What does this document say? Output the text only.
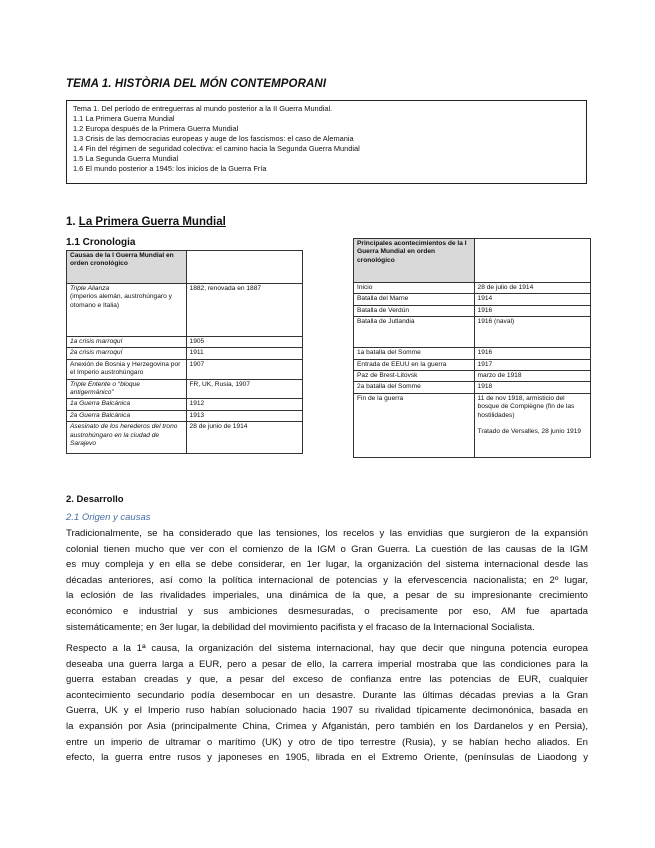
TEMA 1. HISTÒRIA DEL MÓN CONTEMPORANI
Tema 1. Del período de entreguerras al mundo posterior a la II Guerra Mundial.
1.1 La Primera Guerra Mundial
1.2 Europa después de la Primera Guerra Mundial
1.3 Crisis de las democracias europeas y auge de los fascismos: el caso de Alemania
1.4 Fin del régimen de seguridad colectiva: el camino hacia la Segunda Guerra Mundial
1.5 La Segunda Guerra Mundial
1.6 El mundo posterior a 1945: los inicios de la Guerra Fría
1. La Primera Guerra Mundial
1.1 Cronologia
Causas de la I Guerra Mundial en orden cronológico	
Triple Alianza
(imperios alemán, austrohúngaro y otomano e Italia)	1882, renovada en 1887
1a crisis marroquí	1905
2a crisis marroquí	1911
Anexión de Bosnia y Herzegovina por el Imperio austrohúngaro	1907
Triple Entente o “bloque antigermánico”	FR, UK, Rusia, 1907
1a Guerra Balcánica	1912
2a Guerra Balcánica	1913
Asesinato de los herederos del trono austrohúngaro en la ciudad de Sarajevo	28 de junio de 1914
Principales acontecimientos de la I Guerra Mundial en orden cronológico	
Inicio	28 de julio de 1914
Batalla del Marne	1914
Batalla de Verdún	1916
Batalla de Jutlandia	1916 (naval)
1a batalla del Somme	1916
Entrada de EEUU en la guerra	1917
Paz de Brest-Litovsk	marzo de 1918
2a batalla del Somme	1918
Fin de la guerra	11 de nov 1918, armisticio del bosque de Compiègne (fin de las hostilidades)

Tratado de Versalles, 28 junio 1919
2. Desarrollo
2.1 Origen y causas
Tradicionalmente, se ha considerado que las tensiones, los recelos y las envidias que surgieron de la expansión
colonial tienen mucho que ver con el comienzo de la IGM o Gran Guerra. La cuestión de las causas de la IGM
es muy compleja y en ella se debe considerar, en 1er lugar, la organización del sistema internacional desde las
décadas anteriores, así como la política internacional de potencias y la efervescencia nacionalista; en 2º lugar,
la eclosión de las rivalidades imperiales, una dinámica de la que, a pesar de su impresionante crecimiento
económico e industrial y sus ambiciones desmesuradas, o precisamente por eso, AM fue apartada
sistemáticamente; en 3er lugar, la debilidad del movimiento pacifista y el fracaso de la Internacional Socialista.
Respecto a la 1ª causa, la organización del sistema internacional, hay que decir que ninguna potencia europea
deseaba una guerra larga a EUR, pero a pesar de ello, la carrera imperial mostraba que las condiciones para la
guerra estaban creadas y que, a pesar del exceso de confianza entre las potencias de EUR, cualquier
acontecimiento secundario podía desembocar en un desastre. Durante las últimas décadas previas a la Gran
Guerra, UK y el Imperio ruso habían solucionado hacia 1907 su rivalidad típicamente decimonónica, basada en
la expansión por Asia (principalmente China, Crimea y Afganistán, pero también en los Dardanelos y en Persia),
entre un imperio de ultramar o marítimo (UK) y otro de tipo terrestre (Rusia), y se habían hecho aliados. En
efecto, la guerra entre rusos y japoneses en 1905, librada en el Extremo Oriente, (penínsulas de Liaodong y
